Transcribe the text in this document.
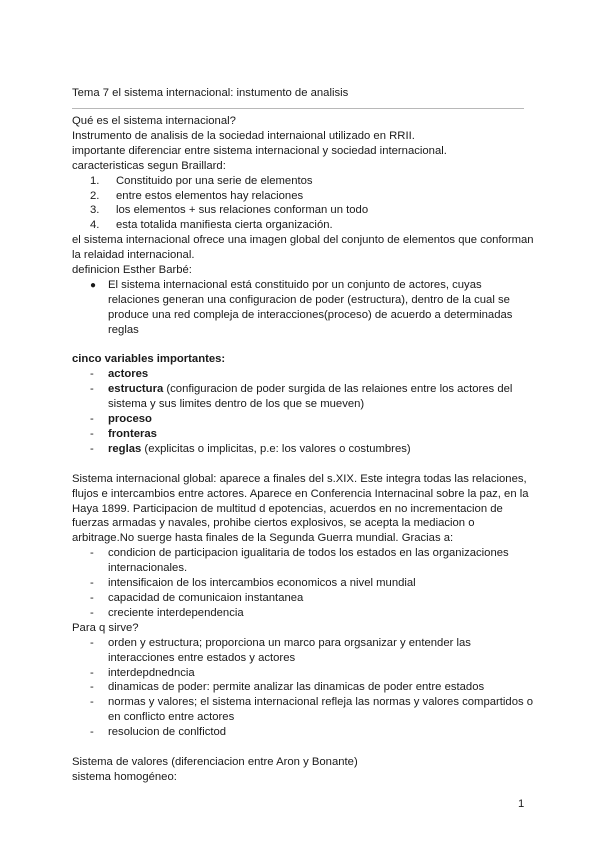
Tema 7 el sistema internacional: instumento de analisis
Qué es el sistema internacional?
Instrumento de analisis de la sociedad internaional utilizado en RRII.
importante diferenciar entre sistema internacional y sociedad internacional.
caracteristicas segun Braillard:
1. Constituido por una serie de elementos
2. entre estos elementos hay relaciones
3. los elementos + sus relaciones conforman un todo
4. esta totalida manifiesta cierta organización.
el sistema internacional ofrece una imagen global del conjunto de elementos que conforman
la relaidad internacional.
definicion Esther Barbé:
● El sistema internacional está constituido por un conjunto de actores, cuyas
relaciones generan una configuracion de poder (estructura), dentro de la cual se
produce una red compleja de interacciones(proceso) de acuerdo a determinadas
reglas
cinco variables importantes:
- actores
- estructura (configuracion de poder surgida de las relaiones entre los actores del
sistema y sus limites dentro de los que se mueven)
- proceso
- fronteras
- reglas (explicitas o implicitas, p.e: los valores o costumbres)
Sistema internacional global: aparece a finales del s.XIX. Este integra todas las relaciones,
flujos e intercambios entre actores. Aparece en Conferencia Internacinal sobre la paz, en la
Haya 1899. Participacion de multitud d epotencias, acuerdos en no incrementacion de
fuerzas armadas y navales, prohibe ciertos explosivos, se acepta la mediacion o
arbitrage.No suerge hasta finales de la Segunda Guerra mundial. Gracias a:
- condicion de participacion igualitaria de todos los estados en las organizaciones
internacionales.
- intensificaion de los intercambios economicos a nivel mundial
- capacidad de comunicaion instantanea
- creciente interdependencia
Para q sirve?
- orden y estructura; proporciona un marco para orgsanizar y entender las
interacciones entre estados y actores
- interdepdnedncia
- dinamicas de poder: permite analizar las dinamicas de poder entre estados
- normas y valores; el sistema internacional refleja las normas y valores compartidos o
en conflicto entre actores
- resolucion de conlfictod
Sistema de valores (diferenciacion entre Aron y Bonante)
sistema homogéneo:
1
